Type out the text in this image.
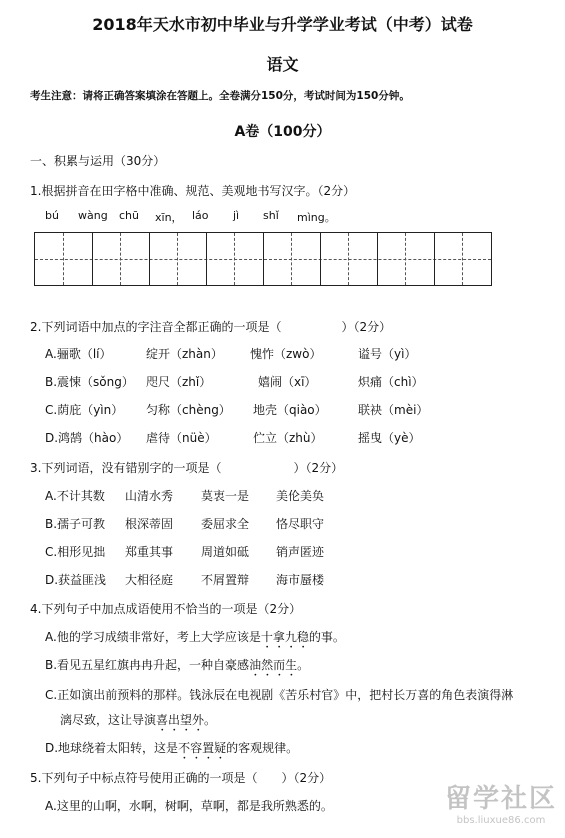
2018年天水市初中毕业与升学学业考试（中考）试卷
语文
考生注意：请将正确答案填涂在答题上。全卷满分150分，考试时间为150分钟。
A卷（100分）
一、积累与运用（30分）
1.根据拼音在田字格中准确、规范、美观地书写汉字。（2分）
bú wàng chū xīn， láo jì shǐ mìng。
2.下列词语中加点的字注音全都正确的一项是（　　　　　）（2分）
A.骊歌（lí）	绽开（zhàn） 愧怍（zwò）	谥号（yì）
B.震悚（sǒng） 咫尺（zhǐ）	嬉闹（xī）	炽痛（chì）
C.荫庇（yìn） 匀称（chèng） 地壳（qiào）	联袂（mèi）
D.鸿鹄（hào） 虐待（nüè）	伫立（zhù）	摇曳（yè）
3.下列词语，没有错别字的一项是（　　　　　　）（2分）
A.不计其数 山清水秀 莫衷一是 美伦美奂
B.孺子可教 根深蒂固 委屈求全 恪尽职守
C.相形见拙 郑重其事 周道如砥 销声匿迹
D.获益匪浅 大相径庭 不屑置辩 海市蜃楼
4.下列句子中加点成语使用不恰当的一项是（2分）
A.他的学习成绩非常好，考上大学应该是十拿九稳的事。
B.看见五星红旗冉冉升起，一种自豪感油然而生。
C.正如演出前预料的那样。钱泳辰在电视剧《苦乐村官》中，把村长万喜的角色表演得淋
漓尽致，这让导演喜出望外。
D.地球绕着太阳转，这是不容置疑的客观规律。
5.下列句子中标点符号使用正确的一项是（　　）（2分）
A.这里的山啊，水啊，树啊，草啊，都是我所熟悉的。	留学社区
bbs.liuxue86.com
